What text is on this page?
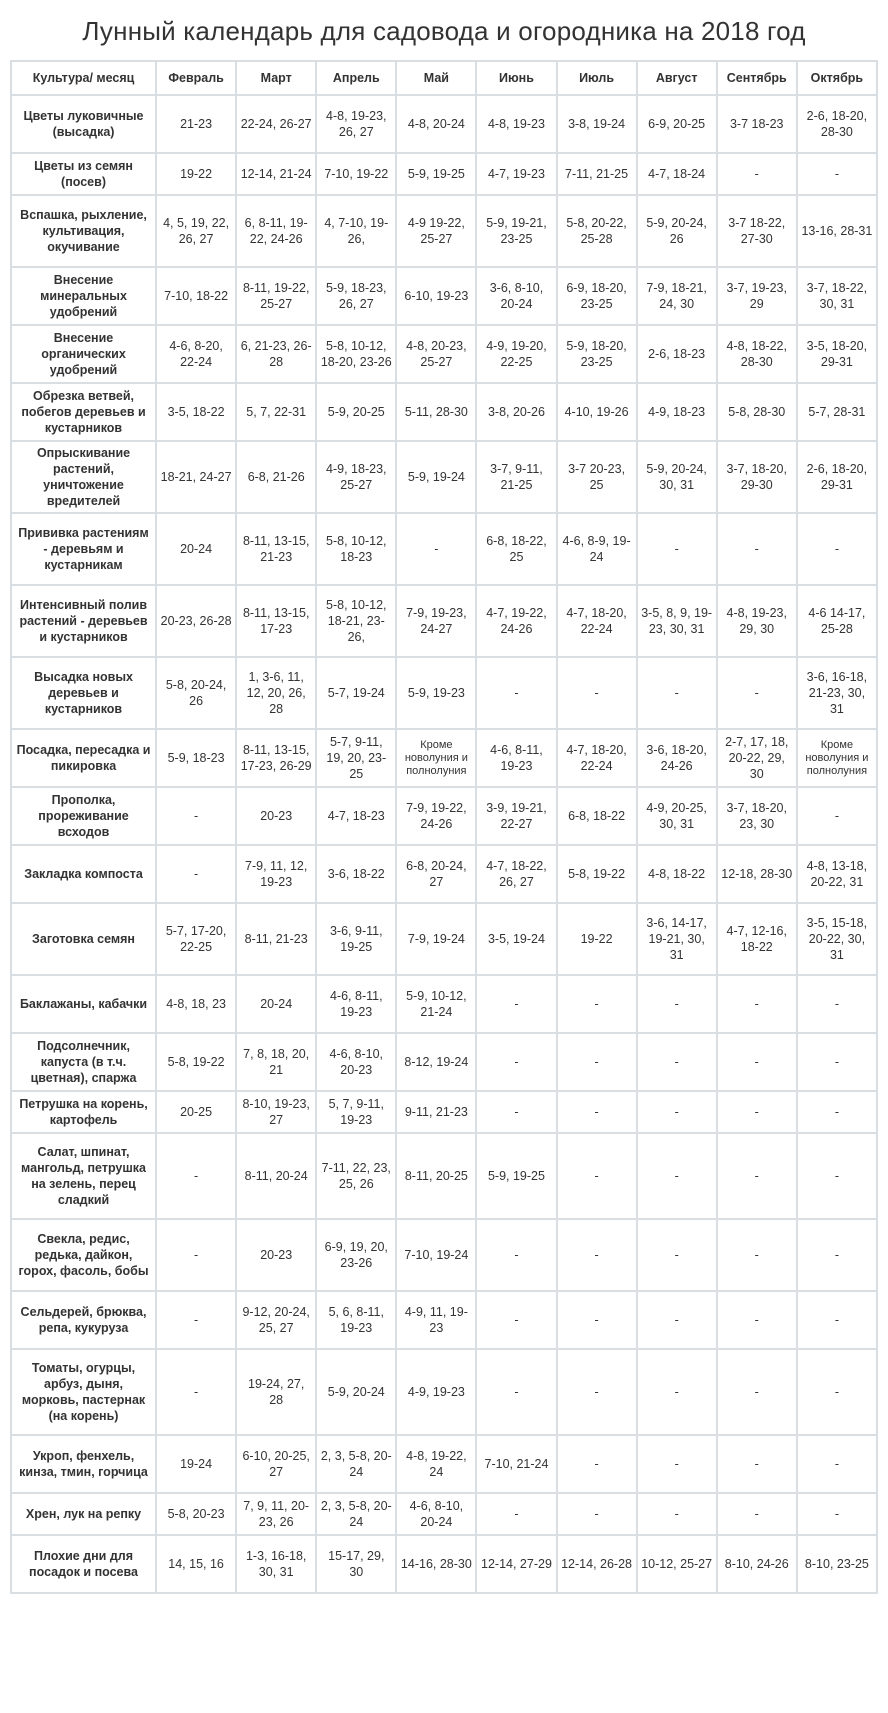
Лунный календарь для садовода и огородника на 2018 год
Культура/ месяц	Февраль	Март	Апрель	Май	Июнь	Июль	Август	Сентябрь	Октябрь
Цветы луковичные (высадка)	21-23	22-24, 26-27	4-8, 19-23, 26, 27	4-8, 20-24	4-8, 19-23	3-8, 19-24	6-9, 20-25	3-7 18-23	2-6, 18-20, 28-30
Цветы из семян (посев)	19-22	12-14, 21-24	7-10, 19-22	5-9, 19-25	4-7, 19-23	7-11, 21-25	4-7, 18-24	-	-
Вспашка, рыхление, культивация, окучивание	4, 5, 19, 22, 26, 27	6, 8-11, 19-22, 24-26	4, 7-10, 19-26,	4-9 19-22, 25-27	5-9, 19-21, 23-25	5-8, 20-22, 25-28	5-9, 20-24, 26	3-7 18-22, 27-30	13-16, 28-31
Внесение минеральных удобрений	7-10, 18-22	8-11, 19-22, 25-27	5-9, 18-23, 26, 27	6-10, 19-23	3-6, 8-10, 20-24	6-9, 18-20, 23-25	7-9, 18-21, 24, 30	3-7, 19-23, 29	3-7, 18-22, 30, 31
Внесение органических удобрений	4-6, 8-20, 22-24	6, 21-23, 26-28	5-8, 10-12, 18-20, 23-26	4-8, 20-23, 25-27	4-9, 19-20, 22-25	5-9, 18-20, 23-25	2-6, 18-23	4-8, 18-22, 28-30	3-5, 18-20, 29-31
Обрезка ветвей, побегов деревьев и кустарников	3-5, 18-22	5, 7, 22-31	5-9, 20-25	5-11, 28-30	3-8, 20-26	4-10, 19-26	4-9, 18-23	5-8, 28-30	5-7, 28-31
Опрыскивание растений, уничтожение вредителей	18-21, 24-27	6-8, 21-26	4-9, 18-23, 25-27	5-9, 19-24	3-7, 9-11, 21-25	3-7 20-23, 25	5-9, 20-24, 30, 31	3-7, 18-20, 29-30	2-6, 18-20, 29-31
Прививка растениям - деревьям и кустарникам	20-24	8-11, 13-15, 21-23	5-8, 10-12, 18-23	-	6-8, 18-22, 25	4-6, 8-9, 19-24	-	-	-
Интенсивный полив растений - деревьев и кустарников	20-23, 26-28	8-11, 13-15, 17-23	5-8, 10-12, 18-21, 23-26,	7-9, 19-23, 24-27	4-7, 19-22, 24-26	4-7, 18-20, 22-24	3-5, 8, 9, 19-23, 30, 31	4-8, 19-23, 29, 30	4-6 14-17, 25-28
Высадка новых деревьев и кустарников	5-8, 20-24, 26	1, 3-6, 11, 12, 20, 26, 28	5-7, 19-24	5-9, 19-23	-	-	-	-	3-6, 16-18, 21-23, 30, 31
Посадка, пересадка и пикировка	5-9, 18-23	8-11, 13-15, 17-23, 26-29	5-7, 9-11, 19, 20, 23-25	Кроме новолуния и полнолуния	4-6, 8-11, 19-23	4-7, 18-20, 22-24	3-6, 18-20, 24-26	2-7, 17, 18, 20-22, 29, 30	Кроме новолуния и полнолуния
Прополка, прореживание всходов	-	20-23	4-7, 18-23	7-9, 19-22, 24-26	3-9, 19-21, 22-27	6-8, 18-22	4-9, 20-25, 30, 31	3-7, 18-20, 23, 30	-
Закладка компоста	-	7-9, 11, 12, 19-23	3-6, 18-22	6-8, 20-24, 27	4-7, 18-22, 26, 27	5-8, 19-22	4-8, 18-22	12-18, 28-30	4-8, 13-18, 20-22, 31
Заготовка семян	5-7, 17-20, 22-25	8-11, 21-23	3-6, 9-11, 19-25	7-9, 19-24	3-5, 19-24	19-22	3-6, 14-17, 19-21, 30, 31	4-7, 12-16, 18-22	3-5, 15-18, 20-22, 30, 31
Баклажаны, кабачки	4-8, 18, 23	20-24	4-6, 8-11, 19-23	5-9, 10-12, 21-24	-	-	-	-	-
Подсолнечник, капуста (в т.ч. цветная), спаржа	5-8, 19-22	7, 8, 18, 20, 21	4-6, 8-10, 20-23	8-12, 19-24	-	-	-	-	-
Петрушка на корень, картофель	20-25	8-10, 19-23, 27	5, 7, 9-11, 19-23	9-11, 21-23	-	-	-	-	-
Салат, шпинат, мангольд, петрушка на зелень, перец сладкий	-	8-11, 20-24	7-11, 22, 23, 25, 26	8-11, 20-25	5-9, 19-25	-	-	-	-
Свекла, редис, редька, дайкон, горох, фасоль, бобы	-	20-23	6-9, 19, 20, 23-26	7-10, 19-24	-	-	-	-	-
Сельдерей, брюква, репа, кукуруза	-	9-12, 20-24, 25, 27	5, 6, 8-11, 19-23	4-9, 11, 19-23	-	-	-	-	-
Томаты, огурцы, арбуз, дыня, морковь, пастернак (на корень)	-	19-24, 27, 28	5-9, 20-24	4-9, 19-23	-	-	-	-	-
Укроп, фенхель, кинза, тмин, горчица	19-24	6-10, 20-25, 27	2, 3, 5-8, 20-24	4-8, 19-22, 24	7-10, 21-24	-	-	-	-
Хрен, лук на репку	5-8, 20-23	7, 9, 11, 20-23, 26	2, 3, 5-8, 20-24	4-6, 8-10, 20-24	-	-	-	-	-
Плохие дни для посадок и посева	14, 15, 16	1-3, 16-18, 30, 31	15-17, 29, 30	14-16, 28-30	12-14, 27-29	12-14, 26-28	10-12, 25-27	8-10, 24-26	8-10, 23-25
